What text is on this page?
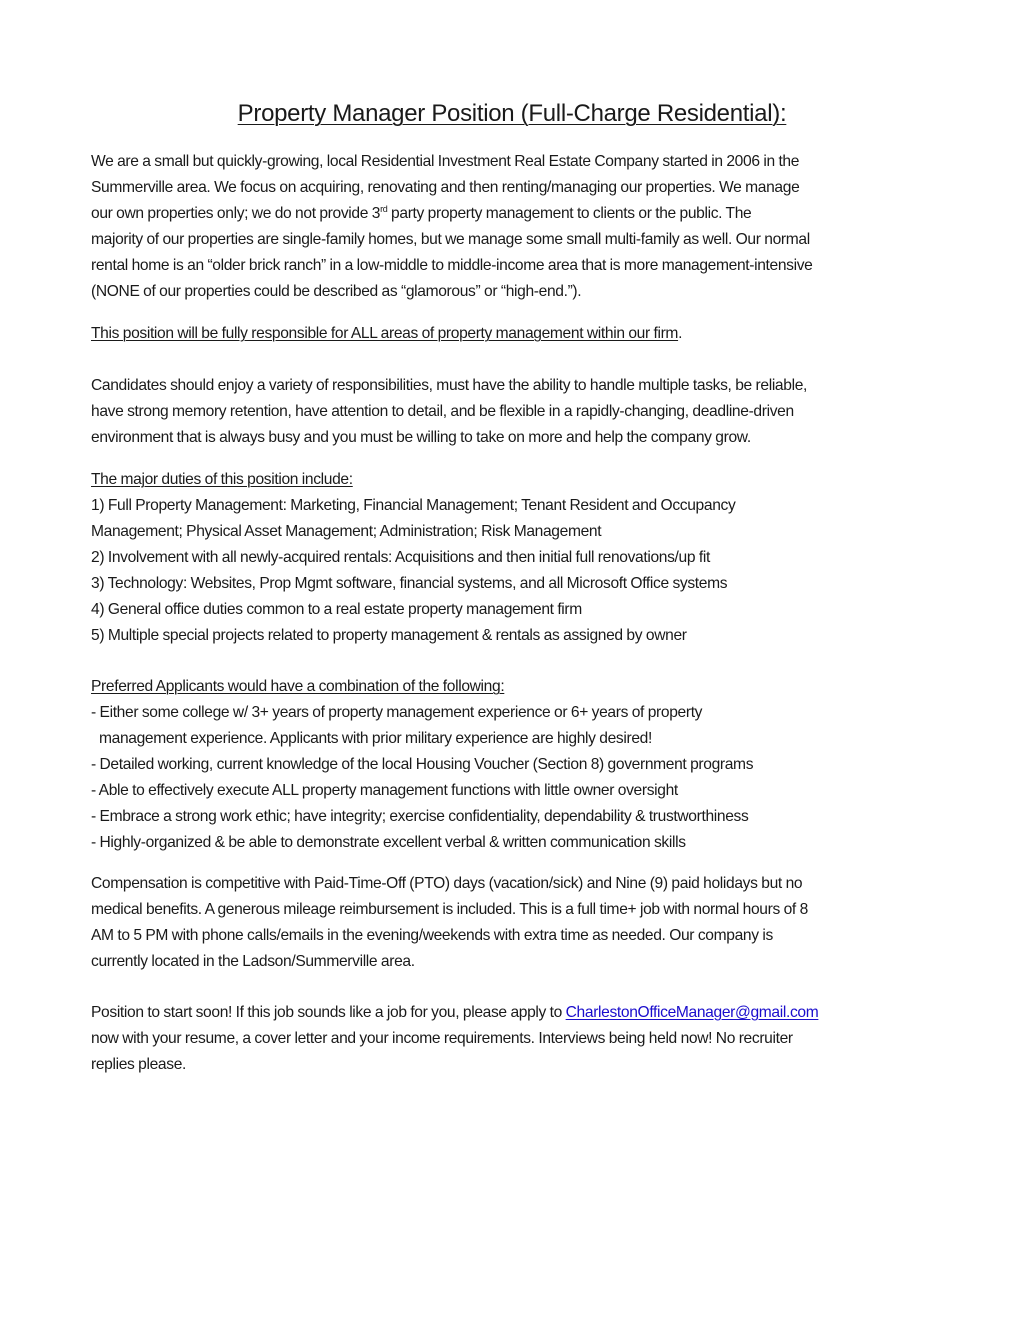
Property Manager Position (Full-Charge Residential):
We are a small but quickly-growing, local Residential Investment Real Estate Company started in 2006 in the
Summerville area. We focus on acquiring, renovating and then renting/managing our properties. We manage
our own properties only; we do not provide 3rd party property management to clients or the public. The
majority of our properties are single-family homes, but we manage some small multi-family as well. Our normal
rental home is an “older brick ranch” in a low-middle to middle-income area that is more management-intensive
(NONE of our properties could be described as “glamorous” or “high-end.”).
This position will be fully responsible for ALL areas of property management within our firm.
Candidates should enjoy a variety of responsibilities, must have the ability to handle multiple tasks, be reliable,
have strong memory retention, have attention to detail, and be flexible in a rapidly-changing, deadline-driven
environment that is always busy and you must be willing to take on more and help the company grow.
The major duties of this position include:
1) Full Property Management: Marketing, Financial Management; Tenant Resident and Occupancy
Management; Physical Asset Management; Administration; Risk Management
2) Involvement with all newly-acquired rentals: Acquisitions and then initial full renovations/up fit
3) Technology: Websites, Prop Mgmt software, financial systems, and all Microsoft Office systems
4) General office duties common to a real estate property management firm
5) Multiple special projects related to property management & rentals as assigned by owner
Preferred Applicants would have a combination of the following:
- Either some college w/ 3+ years of property management experience or 6+ years of property
management experience. Applicants with prior military experience are highly desired!
- Detailed working, current knowledge of the local Housing Voucher (Section 8) government programs
- Able to effectively execute ALL property management functions with little owner oversight
- Embrace a strong work ethic; have integrity; exercise confidentiality, dependability & trustworthiness
- Highly-organized & be able to demonstrate excellent verbal & written communication skills
Compensation is competitive with Paid-Time-Off (PTO) days (vacation/sick) and Nine (9) paid holidays but no
medical benefits. A generous mileage reimbursement is included. This is a full time+ job with normal hours of 8
AM to 5 PM with phone calls/emails in the evening/weekends with extra time as needed. Our company is
currently located in the Ladson/Summerville area.
Position to start soon! If this job sounds like a job for you, please apply to CharlestonOfficeManager@gmail.com
now with your resume, a cover letter and your income requirements. Interviews being held now! No recruiter
replies please.
